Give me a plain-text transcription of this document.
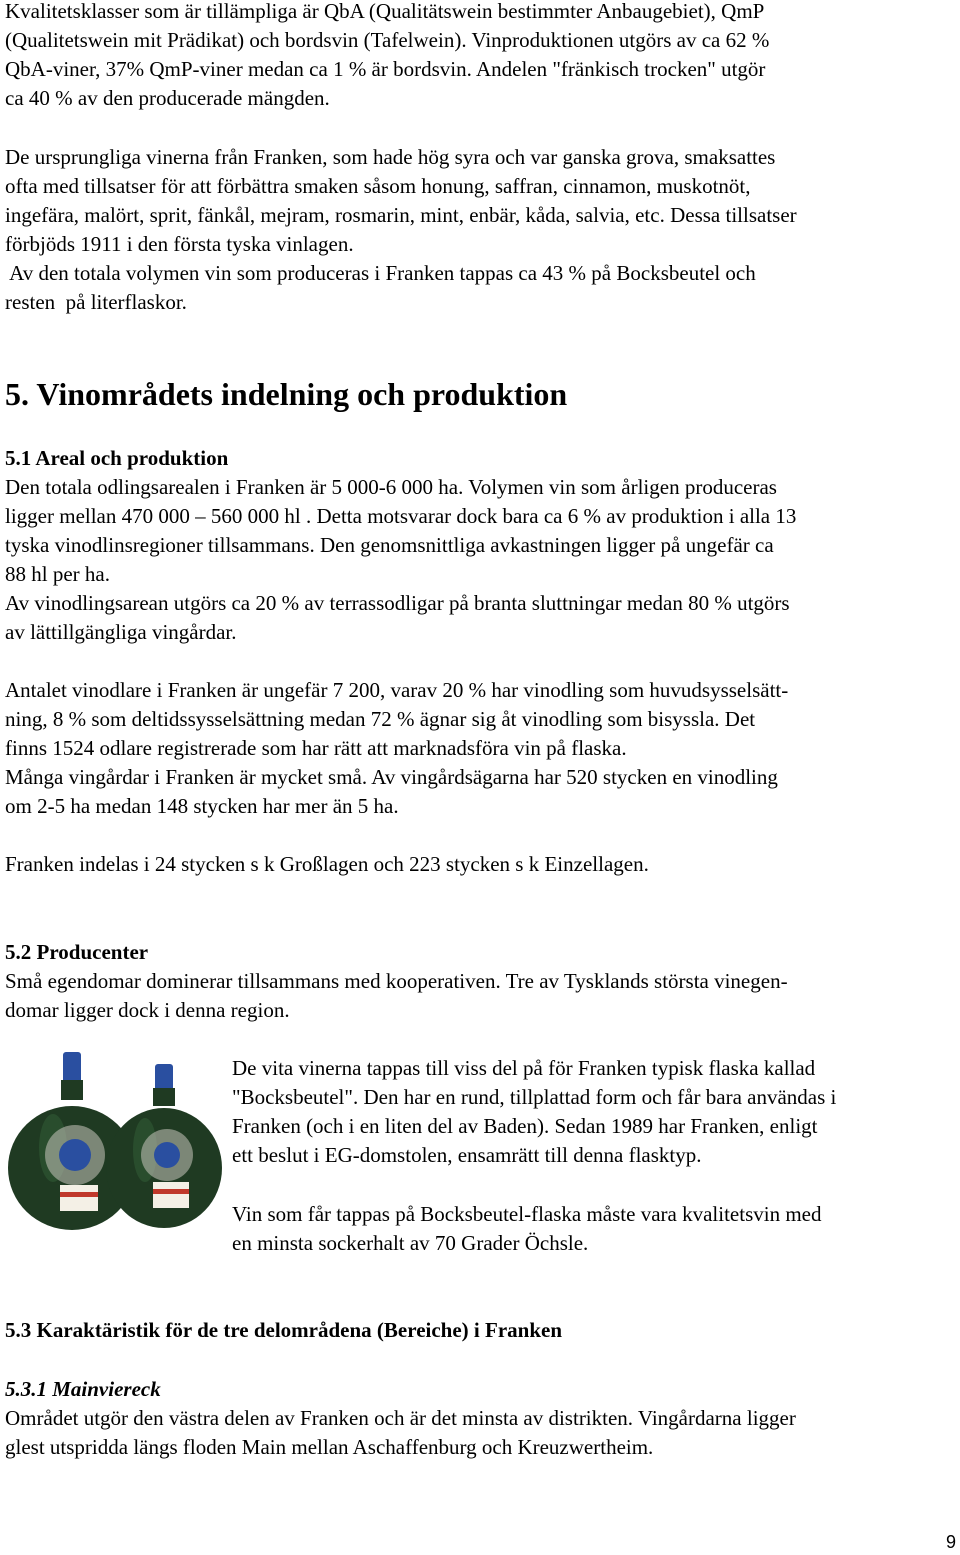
Kvalitetsklasser som är tillämpliga är QbA (Qualitätswein bestimmter Anbaugebiet), QmP

(Qualitetswein mit Prädikat) och bordsvin (Tafelwein). Vinproduktionen utgörs av ca 62 %

QbA-viner, 37% QmP-viner medan ca 1 % är bordsvin. Andelen "fränkisch trocken" utgör

ca 40 % av den producerade mängden.

De ursprungliga vinerna från Franken, som hade hög syra och var ganska grova, smaksattes

ofta med tillsatser för att förbättra smaken såsom honung, saffran, cinnamon, muskotnöt,

ingefära, malört, sprit, fänkål, mejram, rosmarin, mint, enbär, kåda, salvia, etc. Dessa tillsatser

förbjöds 1911 i den första tyska vinlagen.

Av den totala volymen vin som produceras i Franken tappas ca 43 % på Bocksbeutel och

resten  på literflaskor.

5. Vinområdets indelning och produktion

5.1 Areal och produktion

Den totala odlingsarealen i Franken är 5 000-6 000 ha. Volymen vin som årligen produceras

ligger mellan 470 000 – 560 000 hl . Detta motsvarar dock bara ca 6 % av produktion i alla 13

tyska vinodlinsregioner tillsammans. Den genomsnittliga avkastningen ligger på ungefär ca

88 hl per ha.

Av vinodlingsarean utgörs ca 20 % av terrassodligar på branta sluttningar medan 80 % utgörs

av lättillgängliga vingårdar.

Antalet vinodlare i Franken är ungefär 7 200, varav 20 % har vinodling som huvudsysselsätt-

ning, 8 % som deltidssysselsättning medan 72 % ägnar sig åt vinodling som bisyssla. Det

finns 1524 odlare registrerade som har rätt att marknadsföra vin på flaska.

Många vingårdar i Franken är mycket små. Av vingårdsägarna har 520 stycken en vinodling

om 2-5 ha medan 148 stycken har mer än 5 ha.

Franken indelas i 24 stycken s k Großlagen och 223 stycken s k Einzellagen.

5.2 Producenter

Små egendomar dominerar tillsammans med kooperativen. Tre av Tysklands största vinegen-

domar ligger dock i denna region.

De vita vinerna tappas till viss del på för Franken typisk flaska kallad

"Bocksbeutel". Den har en rund, tillplattad form och får bara användas i

Franken (och i en liten del av Baden). Sedan 1989 har Franken, enligt

ett beslut i EG-domstolen, ensamrätt till denna flasktyp.

Vin som får tappas på Bocksbeutel-flaska måste vara kvalitetsvin med

en minsta sockerhalt av 70 Grader Öchsle.

5.3 Karaktäristik för de tre delområdena (Bereiche) i Franken

5.3.1 Mainviereck

Området utgör den västra delen av Franken och är det minsta av distrikten. Vingårdarna ligger

glest utspridda längs floden Main mellan Aschaffenburg och Kreuzwertheim.

9
